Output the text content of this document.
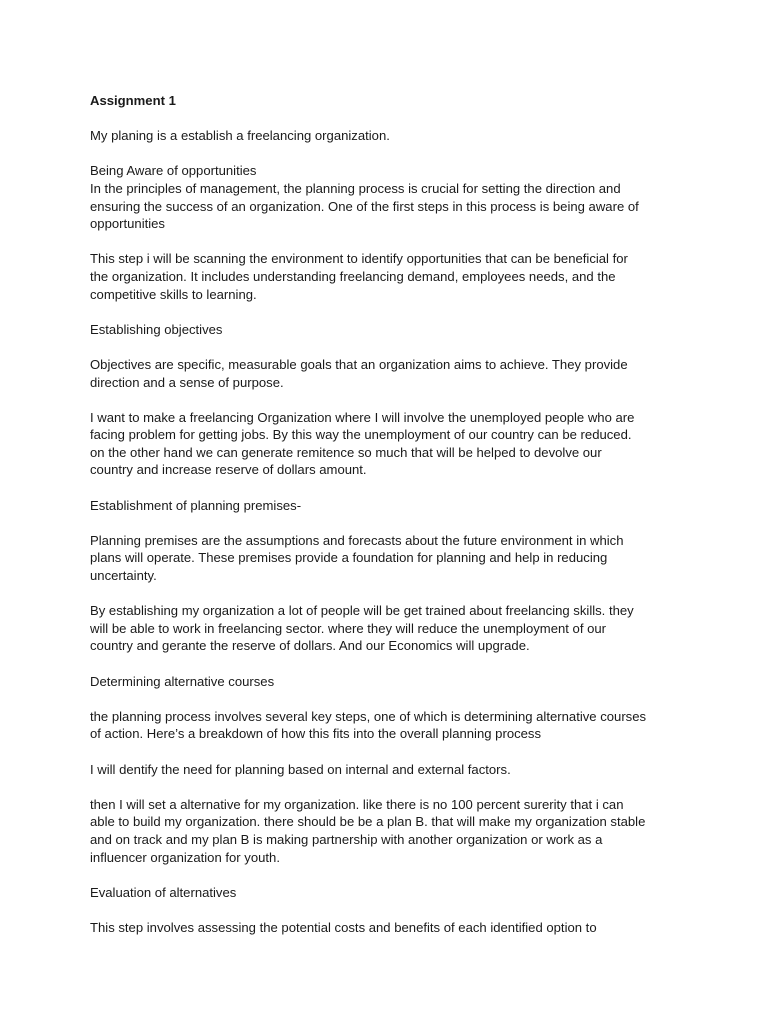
Assignment 1
My planing is a establish a freelancing organization.
Being Aware of opportunities
In the principles of management, the planning process is crucial for setting the direction and
ensuring the success of an organization. One of the first steps in this process is being aware of
opportunities
This step i will be scanning the environment to identify opportunities that can be beneficial for
the organization. It includes understanding freelancing demand, employees needs, and the
competitive skills to learning.
Establishing objectives
Objectives are specific, measurable goals that an organization aims to achieve. They provide
direction and a sense of purpose.
I want to make a freelancing Organization where I will involve the unemployed people who are
facing problem for getting jobs. By this way the unemployment of our country can be reduced.
on the other hand we can generate remitence so much that will be helped to devolve our
country and increase reserve of dollars amount.
Establishment of planning premises-
Planning premises are the assumptions and forecasts about the future environment in which
plans will operate. These premises provide a foundation for planning and help in reducing
uncertainty.
By establishing my organization a lot of people will be get trained about freelancing skills. they
will be able to work in freelancing sector. where they will reduce the unemployment of our
country and gerante the reserve of dollars. And our Economics will upgrade.
Determining alternative courses
the planning process involves several key steps, one of which is determining alternative courses
of action. Here’s a breakdown of how this fits into the overall planning process
I will dentify the need for planning based on internal and external factors.
then I will set a alternative for my organization. like there is no 100 percent surerity that i can
able to build my organization. there should be be a plan B. that will make my organization stable
and on track and my plan B is making partnership with another organization or work as a
influencer organization for youth.
Evaluation of alternatives
This step involves assessing the potential costs and benefits of each identified option to
